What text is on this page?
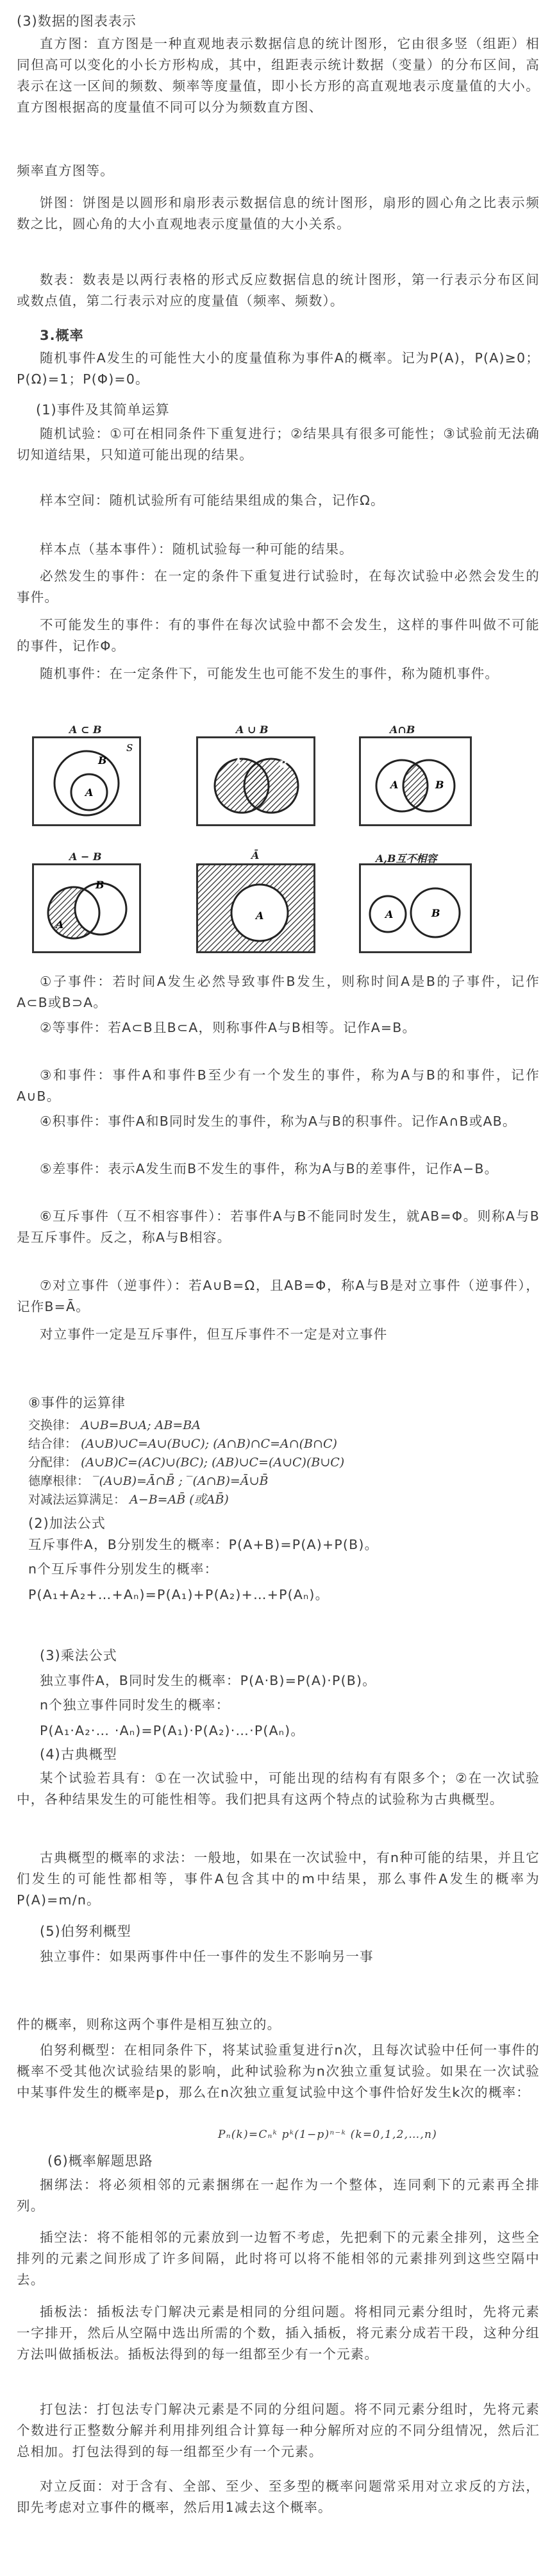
(3)数据的图表表示

直方图：直方图是一种直观地表示数据信息的统计图形，它由很多竖（组距）相同但高可以变化的小长方形构成，其中，组距表示统计数据（变量）的分布区间，高表示在这一区间的频数、频率等度量值，即小长方形的高直观地表示度量值的大小。直方图根据高的度量值不同可以分为频数直方图、

频率直方图等。

饼图：饼图是以圆形和扇形表示数据信息的统计图形，扇形的圆心角之比表示频数之比，圆心角的大小直观地表示度量值的大小关系。

数表：数表是以两行表格的形式反应数据信息的统计图形，第一行表示分布区间或数点值，第二行表示对应的度量值（频率、频数）。

3.概率

随机事件A发生的可能性大小的度量值称为事件A的概率。记为P(A)，P(A)≥0；P(Ω)=1；P(Φ)=0。

(1)事件及其简单运算

随机试验：①可在相同条件下重复进行；②结果具有很多可能性；③试验前无法确切知道结果，只知道可能出现的结果。

样本空间：随机试验所有可能结果组成的集合，记作Ω。

样本点（基本事件）：随机试验每一种可能的结果。

必然发生的事件：在一定的条件下重复进行试验时，在每次试验中必然会发生的事件。

不可能发生的事件：有的事件在每次试验中都不会发生，这样的事件叫做不可能的事件，记作Φ。

随机事件：在一定条件下，可能发生也可能不发生的事件，称为随机事件。

A ⊂ B
B
A
S
A ∪ B
A	B
A∩B
A	B
A − B
A
B
Ā
A
A,B互不相容
A	B

①子事件：若时间A发生必然导致事件B发生，则称时间A是B的子事件，记作A⊂B或B⊃A。

②等事件：若A⊂B且B⊂A，则称事件A与B相等。记作A=B。

③和事件：事件A和事件B至少有一个发生的事件，称为A与B的和事件，记作A∪B。

④积事件：事件A和B同时发生的事件，称为A与B的积事件。记作A∩B或AB。

⑤差事件：表示A发生而B不发生的事件，称为A与B的差事件，记作A−B。

⑥互斥事件（互不相容事件）：若事件A与B不能同时发生，就AB=Φ。则称A与B是互斥事件。反之，称A与B相容。

⑦对立事件（逆事件）：若A∪B=Ω，且AB=Φ，称A与B是对立事件（逆事件），记作B=Ā。

对立事件一定是互斥事件，但互斥事件不一定是对立事件

⑧事件的运算律

交换律： A∪B=B∪A; AB=BA
结合律： (A∪B)∪C=A∪(B∪C); (A∩B)∩C=A∩(B∩C)
分配律： (A∪B)C=(AC)∪(BC); (AB)∪C=(A∪C)(B∪C)
德摩根律： ‾(A∪B)=Ā∩B̄ ; ‾(A∩B)=Ā∪B̄
对减法运算满足： A−B=AB̄ (或AB̄)

(2)加法公式

互斥事件A，B分别发生的概率：P(A+B)=P(A)+P(B)。

n个互斥事件分别发生的概率：

P(A₁+A₂+…+Aₙ)=P(A₁)+P(A₂)+…+P(Aₙ)。

(3)乘法公式

独立事件A，B同时发生的概率：P(A·B)=P(A)·P(B)。

n个独立事件同时发生的概率：

P(A₁·A₂·… ·Aₙ)=P(A₁)·P(A₂)·…·P(Aₙ)。

(4)古典概型

某个试验若具有：①在一次试验中，可能出现的结构有有限多个；②在一次试验中，各种结果发生的可能性相等。我们把具有这两个特点的试验称为古典概型。

古典概型的概率的求法：一般地，如果在一次试验中，有n种可能的结果，并且它们发生的可能性都相等，事件A包含其中的m中结果，那么事件A发生的概率为 P(A)=m/n。

(5)伯努利概型

独立事件：如果两事件中任一事件的发生不影响另一事

件的概率，则称这两个事件是相互独立的。

伯努利概型：在相同条件下，将某试验重复进行n次，且每次试验中任何一事件的概率不受其他次试验结果的影响，此种试验称为n次独立重复试验。如果在一次试验中某事件发生的概率是p，那么在n次独立重复试验中这个事件恰好发生k次的概率：

Pₙ(k)=Cₙᵏ pᵏ(1−p)ⁿ⁻ᵏ (k=0,1,2,…,n)

(6)概率解题思路

捆绑法：将必须相邻的元素捆绑在一起作为一个整体，连同剩下的元素再全排列。

插空法：将不能相邻的元素放到一边暂不考虑，先把剩下的元素全排列，这些全排列的元素之间形成了许多间隔，此时将可以将不能相邻的元素排列到这些空隔中去。

插板法：插板法专门解决元素是相同的分组问题。将相同元素分组时，先将元素一字排开，然后从空隔中选出所需的个数，插入插板，将元素分成若干段，这种分组方法叫做插板法。插板法得到的每一组都至少有一个元素。

打包法：打包法专门解决元素是不同的分组问题。将不同元素分组时，先将元素个数进行正整数分解并利用排列组合计算每一种分解所对应的不同分组情况，然后汇总相加。打包法得到的每一组都至少有一个元素。

对立反面：对于含有、全部、至少、至多型的概率问题常采用对立求反的方法，即先考虑对立事件的概率，然后用1减去这个概率。
